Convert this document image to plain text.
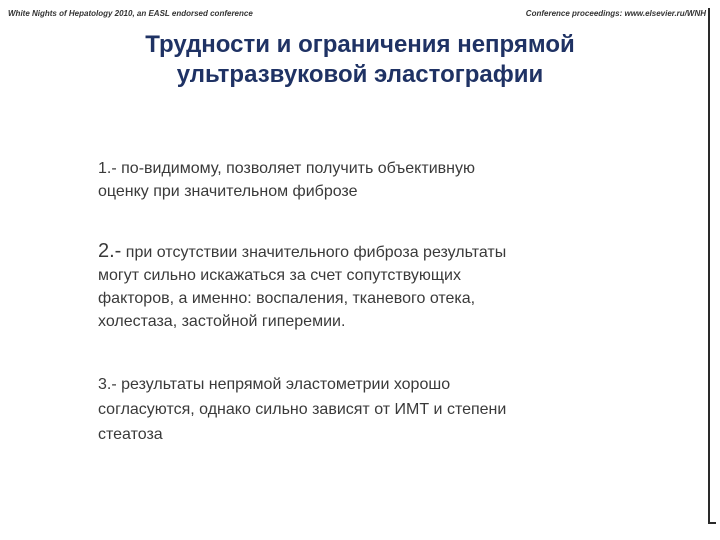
White Nights of Hepatology 2010, an EASL endorsed conference	Conference proceedings: www.elsevier.ru/WNH
Трудности и ограничения непрямой
ультразвуковой эластографии

1.- по-видимому, позволяет получить объективную
оценку при значительном фиброзе

2.- при отсутствии значительного фиброза результаты
могут сильно искажаться за счет сопутствующих
факторов, а именно: воспаления, тканевого отека,
холестаза, застойной гиперемии.

3.- результаты непрямой эластометрии хорошо
согласуются, однако сильно зависят от ИМТ и степени
стеатоза
